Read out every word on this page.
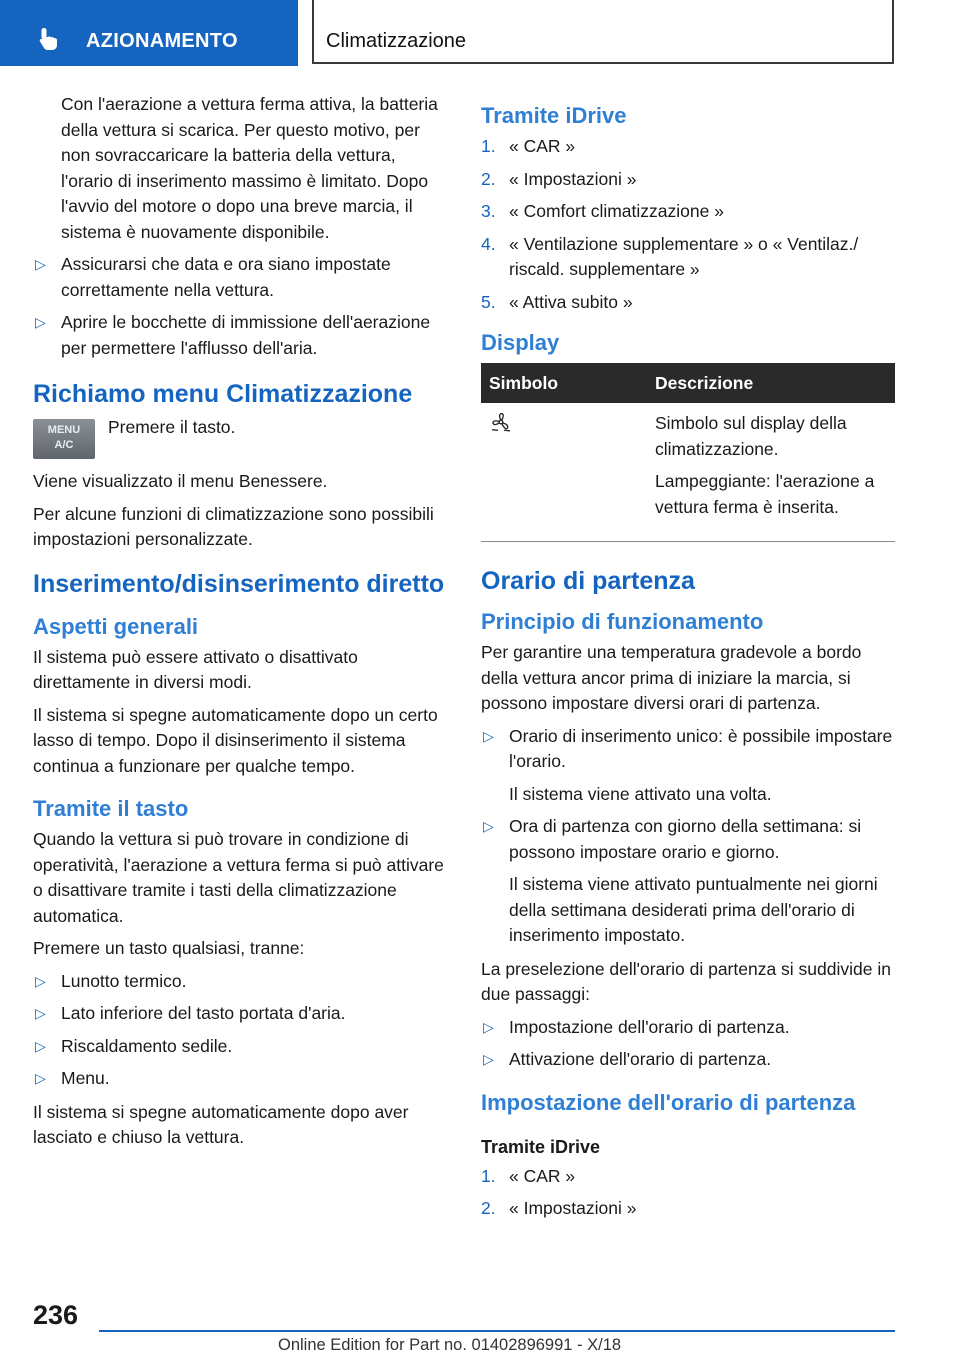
AZIONAMENTO	Climatizzazione

Con l'aerazione a vettura ferma attiva, la batteria della vettura si scarica. Per questo motivo, per non sovraccaricare la batteria della vettura, l'orario di inserimento massimo è limitato. Dopo l'avvio del motore o dopo una breve marcia, il sistema è nuovamente disponibile.

▷ Assicurarsi che data e ora siano impostate correttamente nella vettura.
▷ Aprire le bocchette di immissione dell'aerazione per permettere l'afflusso dell'aria.
Richiamo menu Climatizzazione
MENU
A/C
Premere il tasto.

Viene visualizzato il menu Benessere.

Per alcune funzioni di climatizzazione sono possibili impostazioni personalizzate.

Inserimento/disinserimento diretto
Aspetti generali

Il sistema può essere attivato o disattivato direttamente in diversi modi.

Il sistema si spegne automaticamente dopo un certo lasso di tempo. Dopo il disinserimento il sistema continua a funzionare per qualche tempo.

Tramite il tasto

Quando la vettura si può trovare in condizione di operatività, l'aerazione a vettura ferma si può attivare o disattivare tramite i tasti della climatizzazione automatica.

Premere un tasto qualsiasi, tranne:

▷ Lunotto termico.
▷ Lato inferiore del tasto portata d'aria.
▷ Riscaldamento sedile.
▷ Menu.

Il sistema si spegne automaticamente dopo aver lasciato e chiuso la vettura.

Tramite iDrive
1. « CAR »
2. « Impostazioni »
3. « Comfort climatizzazione »
4. « Ventilazione supplementare » o « Ventilaz./ riscald. supplementare »
5. « Attiva subito »
Display
Simbolo	Descrizione

Simbolo sul display della climatizzazione.

Lampeggiante: l'aerazione a vettura ferma è inserita.

Orario di partenza
Principio di funzionamento

Per garantire una temperatura gradevole a bordo della vettura ancor prima di iniziare la marcia, si possono impostare diversi orari di partenza.

▷ Orario di inserimento unico: è possibile impostare l'orario.
Il sistema viene attivato una volta.
▷ Ora di partenza con giorno della settimana: si possono impostare orario e giorno.
Il sistema viene attivato puntualmente nei giorni della settimana desiderati prima dell'orario di inserimento impostato.

La preselezione dell'orario di partenza si suddivide in due passaggi:

▷ Impostazione dell'orario di partenza.
▷ Attivazione dell'orario di partenza.
Impostazione dell'orario di partenza
Tramite iDrive
1. « CAR »
2. « Impostazioni »
236
Online Edition for Part no. 01402896991 - X/18
